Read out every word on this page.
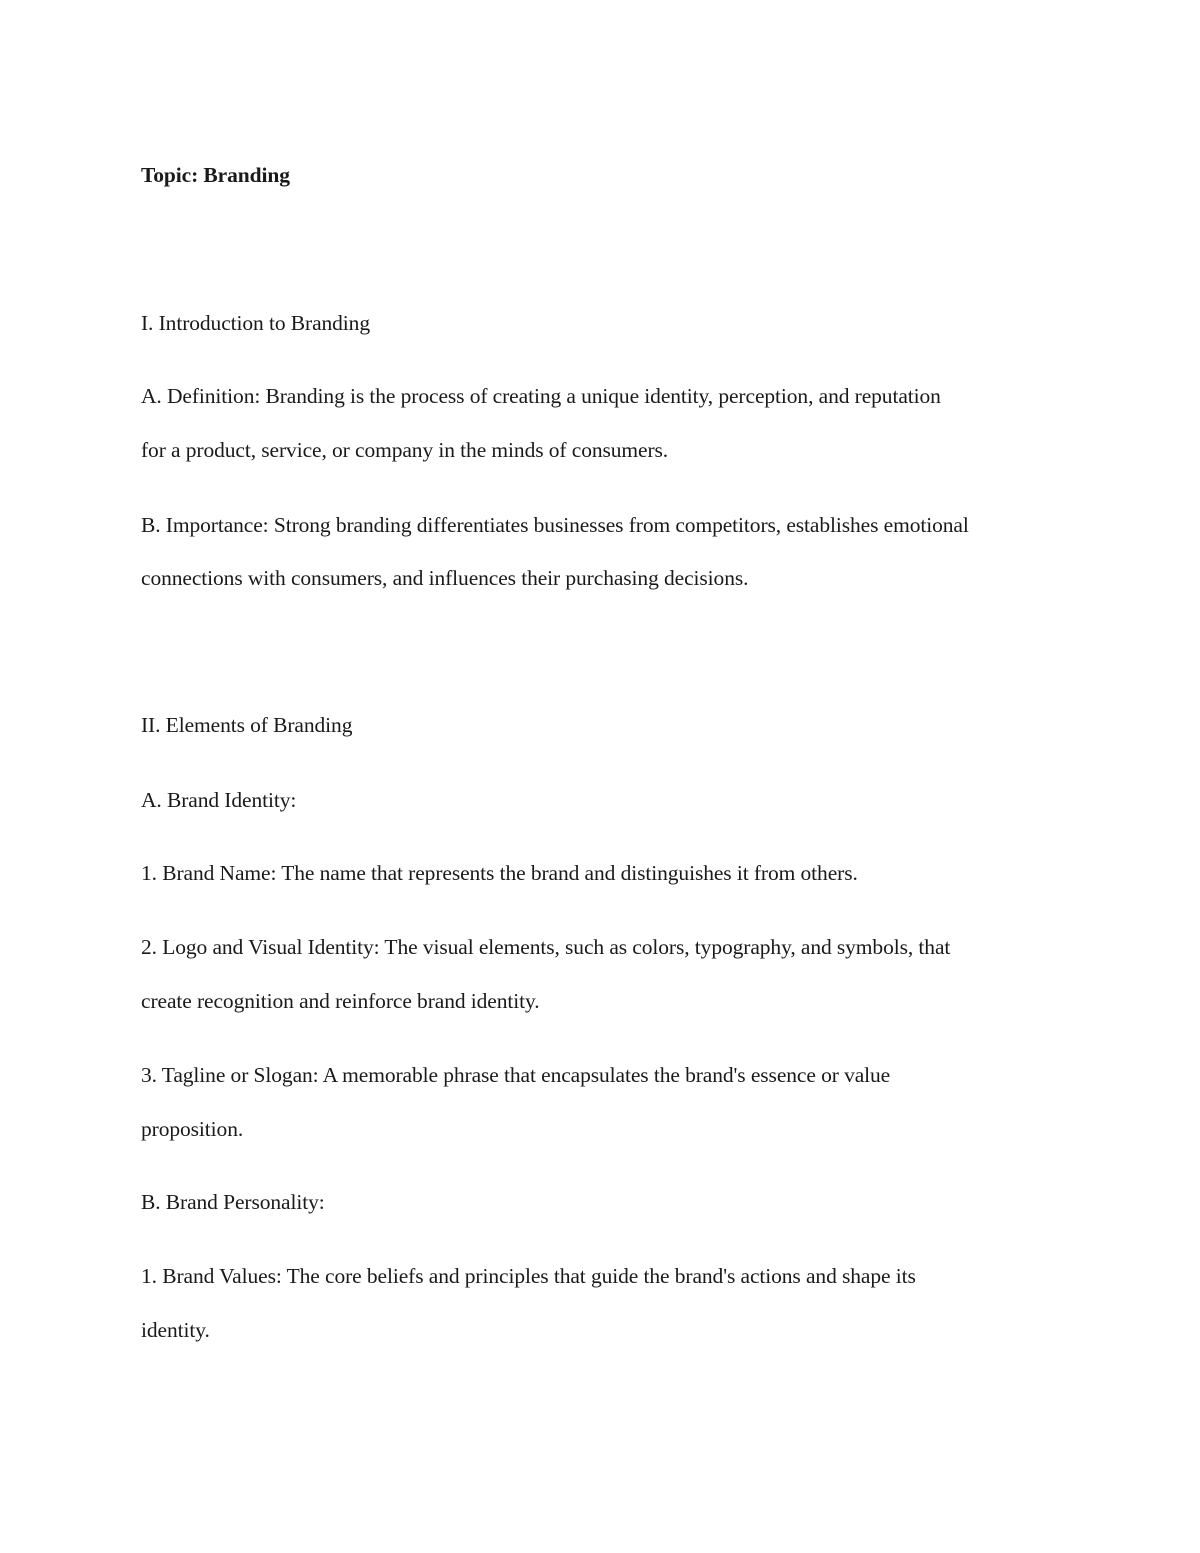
Topic: Branding
I. Introduction to Branding
A. Definition: Branding is the process of creating a unique identity, perception, and reputation
for a product, service, or company in the minds of consumers.
B. Importance: Strong branding differentiates businesses from competitors, establishes emotional
connections with consumers, and influences their purchasing decisions.
II. Elements of Branding
A. Brand Identity:
1. Brand Name: The name that represents the brand and distinguishes it from others.
2. Logo and Visual Identity: The visual elements, such as colors, typography, and symbols, that
create recognition and reinforce brand identity.
3. Tagline or Slogan: A memorable phrase that encapsulates the brand's essence or value
proposition.
B. Brand Personality:
1. Brand Values: The core beliefs and principles that guide the brand's actions and shape its
identity.
